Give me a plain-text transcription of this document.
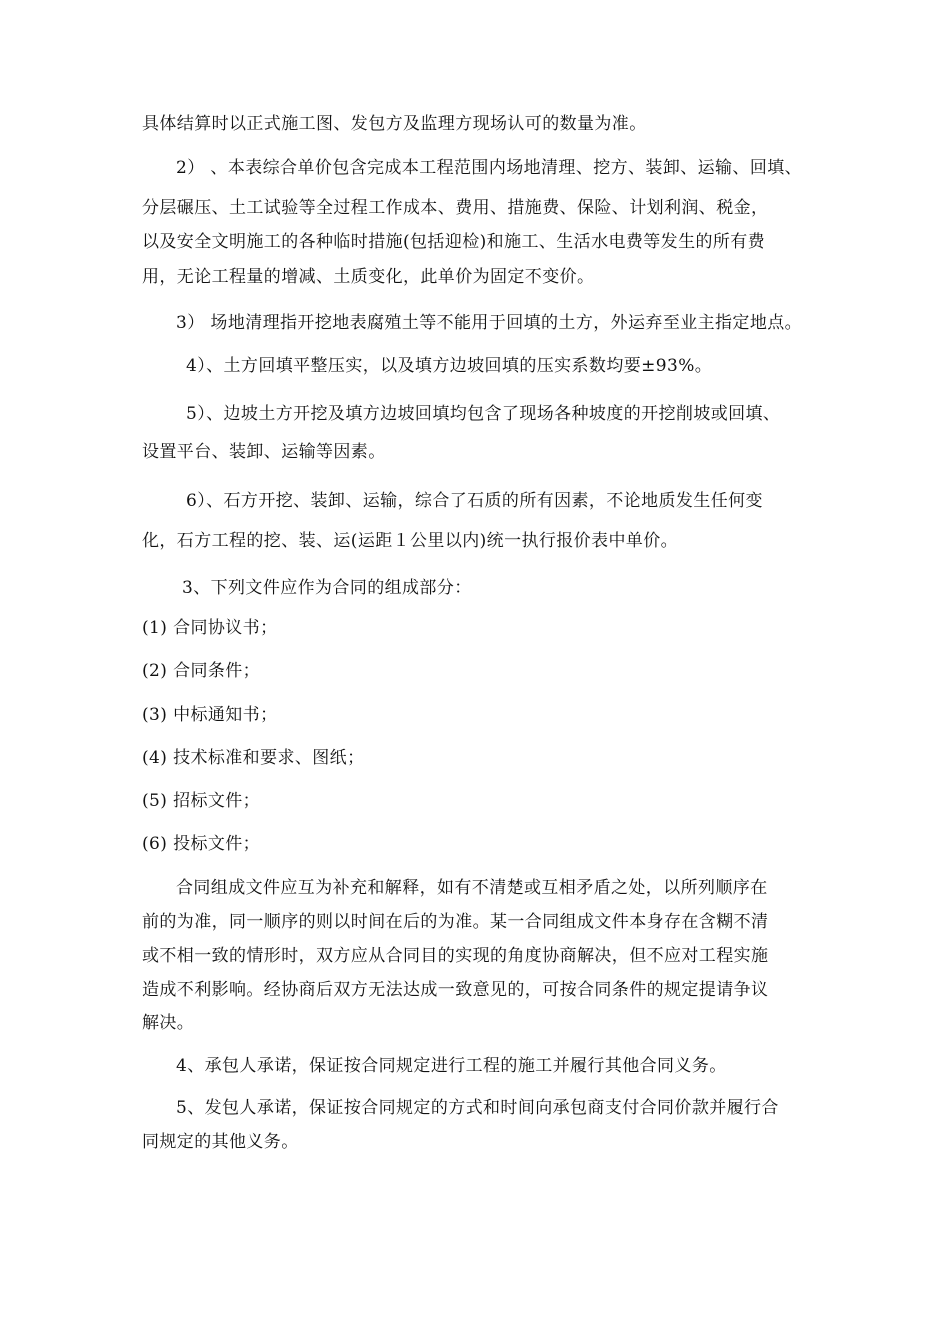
具体结算时以正式施工图、发包方及监理方现场认可的数量为准。
2） 、本表综合单价包含完成本工程范围内场地清理、挖方、装卸、运输、回填、
分层碾压、土工试验等全过程工作成本、费用、措施费、保险、计划利润、税金，
以及安全文明施工的各种临时措施(包括迎检)和施工、生活水电费等发生的所有费
用，无论工程量的增减、土质变化，此单价为固定不变价。
3） 场地清理指开挖地表腐殖土等不能用于回填的土方，外运弃至业主指定地点。
4）、土方回填平整压实，以及填方边坡回填的压实系数均要±93%。
5）、边坡土方开挖及填方边坡回填均包含了现场各种坡度的开挖削坡或回填、
设置平台、装卸、运输等因素。
6）、石方开挖、装卸、运输，综合了石质的所有因素，不论地质发生任何变
化，石方工程的挖、装、运(运距１公里以内)统一执行报价表中单价。
3、下列文件应作为合同的组成部分：
(1) 合同协议书；
(2) 合同条件；
(3) 中标通知书；
(4) 技术标准和要求、图纸；
(5) 招标文件；
(6) 投标文件；
合同组成文件应互为补充和解释，如有不清楚或互相矛盾之处，以所列顺序在
前的为准，同一顺序的则以时间在后的为准。某一合同组成文件本身存在含糊不清
或不相一致的情形时，双方应从合同目的实现的角度协商解决，但不应对工程实施
造成不利影响。经协商后双方无法达成一致意见的，可按合同条件的规定提请争议
解决。
4、承包人承诺，保证按合同规定进行工程的施工并履行其他合同义务。
5、发包人承诺，保证按合同规定的方式和时间向承包商支付合同价款并履行合
同规定的其他义务。
